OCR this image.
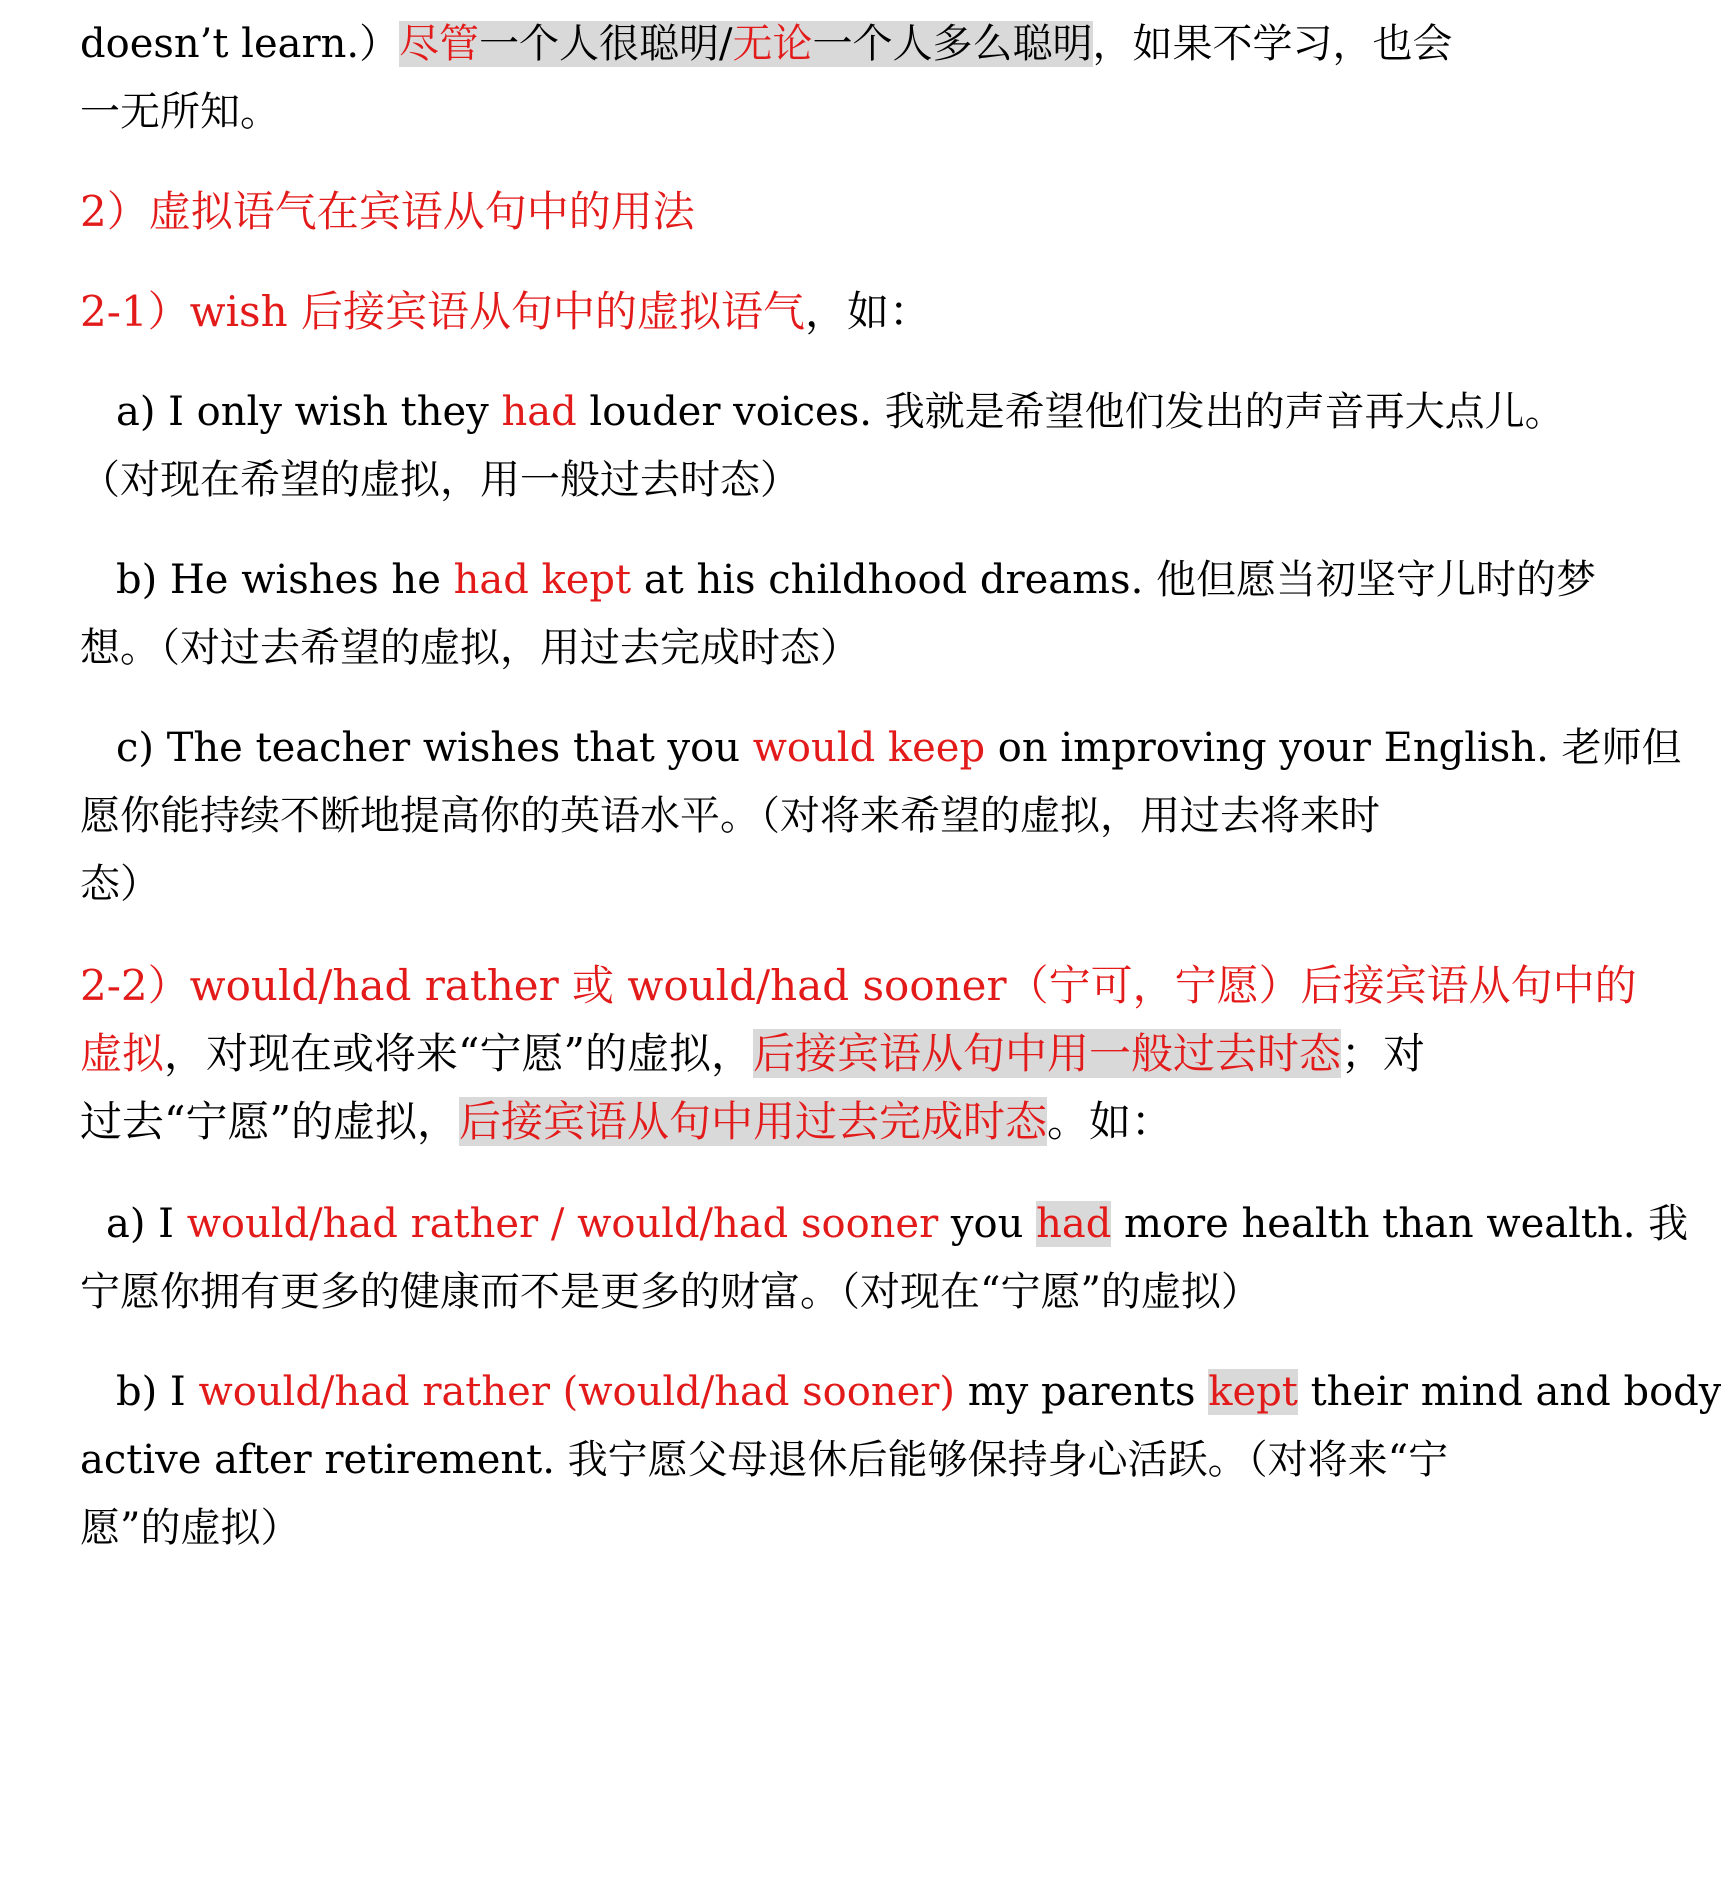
doesn’t learn.）尽管一个人很聪明/无论一个人多么聪明，如果不学习，也会
一无所知。
2）虚拟语气在宾语从句中的用法
2-1）wish 后接宾语从句中的虚拟语气，如：
a) I only wish they had louder voices. 我就是希望他们发出的声音再大点儿。
（对现在希望的虚拟，用一般过去时态）
b) He wishes he had kept at his childhood dreams. 他但愿当初坚守儿时的梦
想。（对过去希望的虚拟，用过去完成时态）
c) The teacher wishes that you would keep on improving your English. 老师但
愿你能持续不断地提高你的英语水平。（对将来希望的虚拟，用过去将来时
态）
2-2）would/had rather 或 would/had sooner（宁可，宁愿）后接宾语从句中的
虚拟，对现在或将来“宁愿”的虚拟，后接宾语从句中用一般过去时态；对
过去“宁愿”的虚拟，后接宾语从句中用过去完成时态。如：
a) I would/had rather / would/had sooner you had more health than wealth. 我
宁愿你拥有更多的健康而不是更多的财富。（对现在“宁愿”的虚拟）
b) I would/had rather (would/had sooner) my parents kept their mind and body
active after retirement. 我宁愿父母退休后能够保持身心活跃。（对将来“宁
愿”的虚拟）
